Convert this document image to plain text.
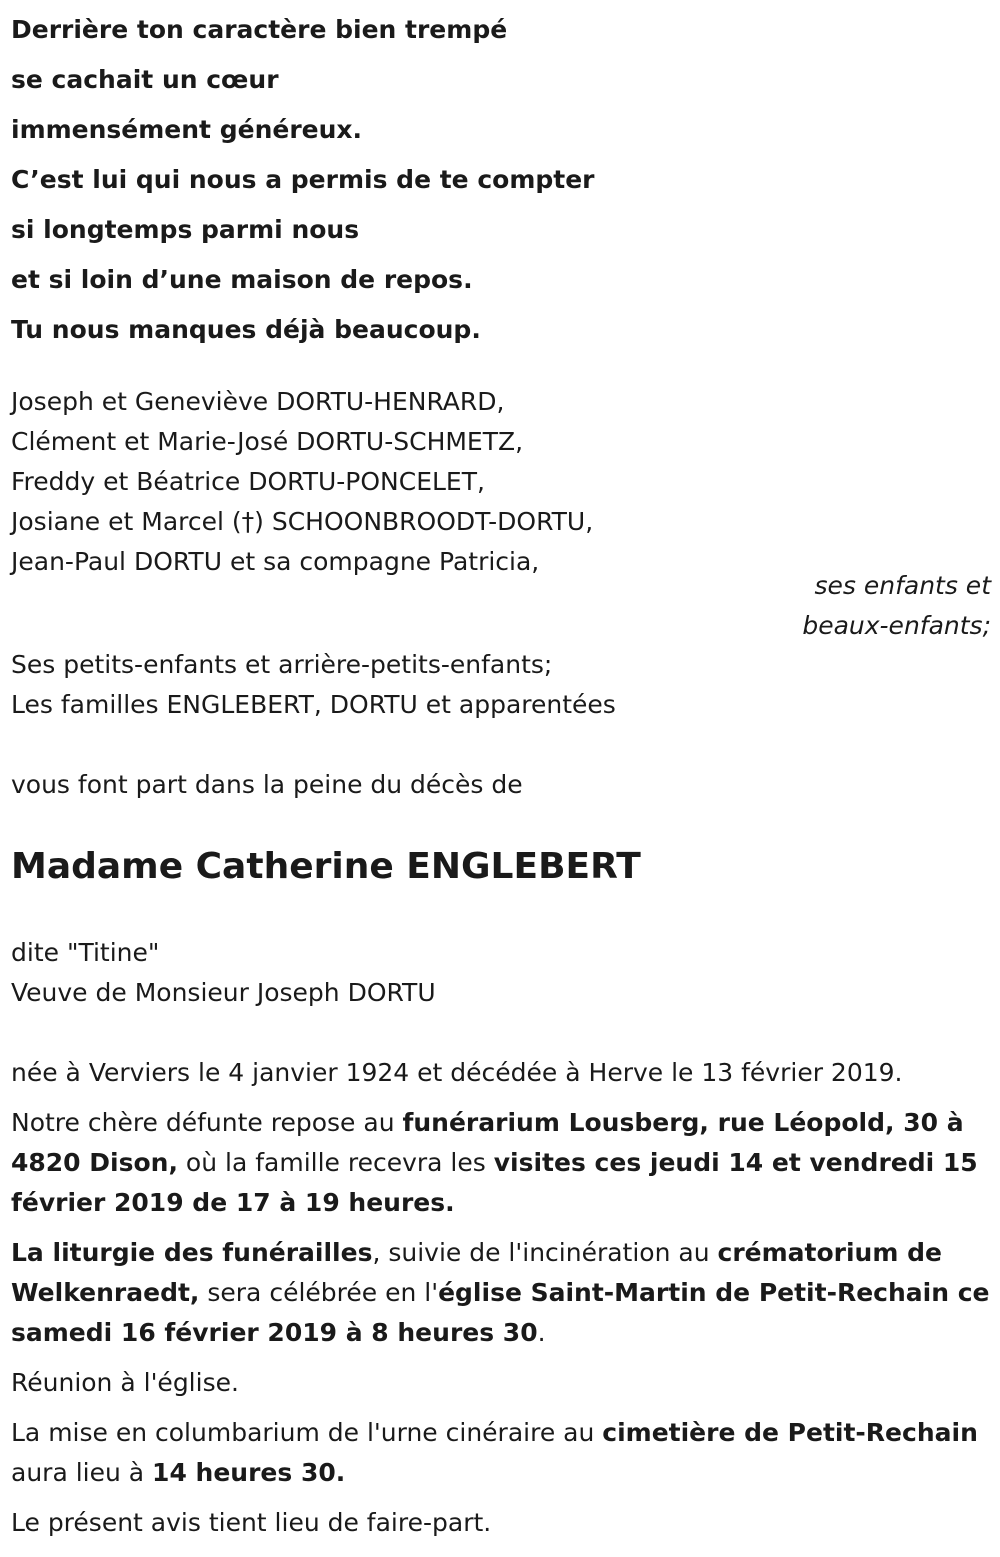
Derrière ton caractère bien trempé
se cachait un cœur
immensément généreux.
C’est lui qui nous a permis de te compter
si longtemps parmi nous
et si loin d’une maison de repos.
Tu nous manques déjà beaucoup.
Joseph et Geneviève DORTU-HENRARD,
Clément et Marie-José DORTU-SCHMETZ,
Freddy et Béatrice DORTU-PONCELET,
Josiane et Marcel (†) SCHOONBROODT-DORTU,
Jean-Paul DORTU et sa compagne Patricia,
ses enfants et
beaux-enfants;
Ses petits-enfants et arrière-petits-enfants;
Les familles ENGLEBERT, DORTU et apparentées
vous font part dans la peine du décès de
Madame Catherine ENGLEBERT
dite "Titine"
Veuve de Monsieur Joseph DORTU

née à Verviers le 4 janvier 1924 et décédée à Herve le 13 février 2019.

Notre chère défunte repose au funérarium Lousberg, rue Léopold, 30 à 4820 Dison, où la famille recevra les visites ces jeudi 14 et vendredi 15 février 2019 de 17 à 19 heures.

La liturgie des funérailles, suivie de l'incinération au crématorium de Welkenraedt, sera célébrée en l'église Saint-Martin de Petit-Rechain ce samedi 16 février 2019 à 8 heures 30.

Réunion à l'église.

La mise en columbarium de l'urne cinéraire au cimetière de Petit-Rechain aura lieu à 14 heures 30.

Le présent avis tient lieu de faire-part.
